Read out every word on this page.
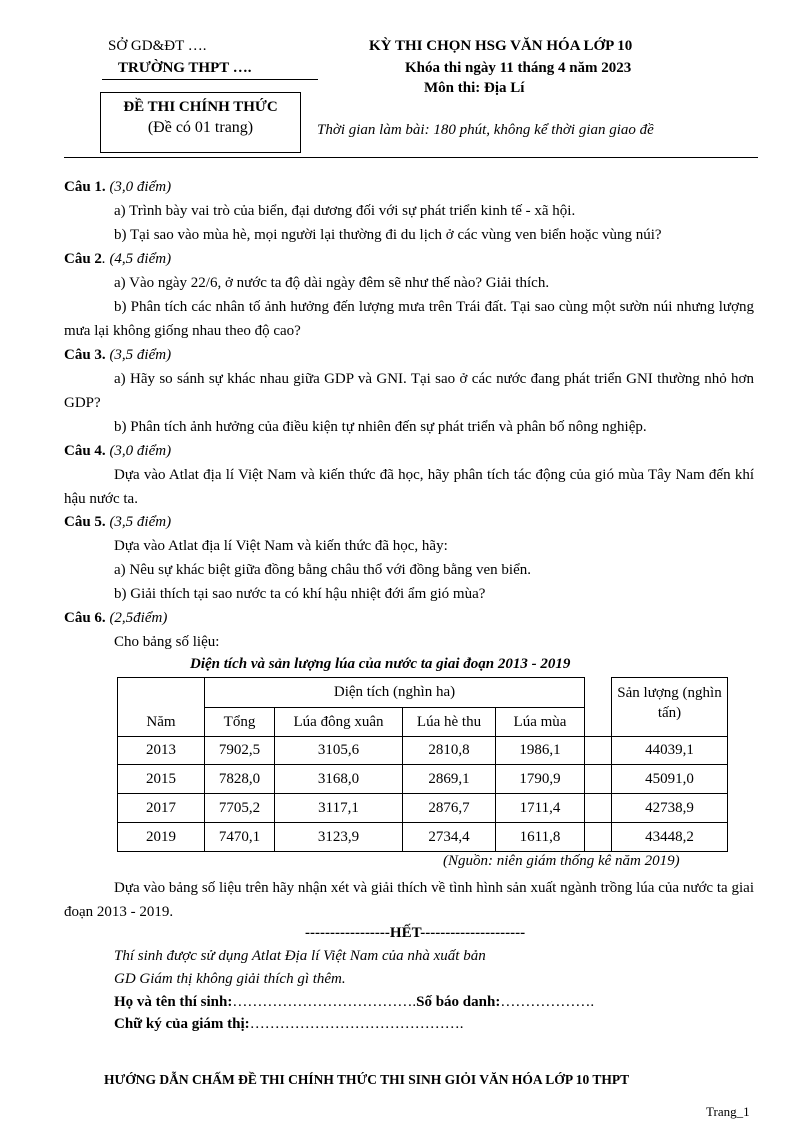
SỞ GD&ĐT ….
TRƯỜNG THPT ….
KỲ THI CHỌN HSG VĂN HÓA LỚP 10
Khóa thi ngày 11 tháng 4 năm 2023
Môn thi: Địa Lí
ĐỀ THI CHÍNH THỨC
(Đề có 01 trang)	Thời gian làm bài: 180 phút, không kể thời gian giao đề
Câu 1. (3,0 điểm)
a) Trình bày vai trò của biển, đại dương đối với sự phát triển kinh tế - xã hội.
b) Tại sao vào mùa hè, mọi người lại thường đi du lịch ở các vùng ven biển hoặc vùng núi?
Câu 2. (4,5 điểm)
a) Vào ngày 22/6, ở nước ta độ dài ngày đêm sẽ như thế nào? Giải thích.
b) Phân tích các nhân tố ảnh hưởng đến lượng mưa trên Trái đất. Tại sao cùng một sườn núi nhưng lượng mưa lại không giống nhau theo độ cao?
Câu 3. (3,5 điểm)
a) Hãy so sánh sự khác nhau giữa GDP và GNI. Tại sao ở các nước đang phát triển GNI thường nhỏ hơn GDP?
b) Phân tích ảnh hưởng của điều kiện tự nhiên đến sự phát triển và phân bố nông nghiệp.
Câu 4. (3,0 điểm)
Dựa vào Atlat địa lí Việt Nam và kiến thức đã học, hãy phân tích tác động của gió mùa Tây Nam đến khí hậu nước ta.
Câu 5. (3,5 điểm)
Dựa vào Atlat địa lí Việt Nam và kiến thức đã học, hãy:
a) Nêu sự khác biệt giữa đồng bằng châu thổ với đồng bằng ven biển.
b) Giải thích tại sao nước ta có khí hậu nhiệt đới ẩm gió mùa?
Câu 6. (2,5điểm)
Cho bảng số liệu:
Diện tích và sản lượng lúa của nước ta giai đoạn 2013 - 2019
Năm	Diện tích (nghìn ha)					Sản lượng (nghìn tấn)
	Tổng	Lúa đông xuân	Lúa hè thu	Lúa mùa		
2013	7902,5	3105,6	2810,8	1986,1		44039,1
2015	7828,0	3168,0	2869,1	1790,9		45091,0
2017	7705,2	3117,1	2876,7	1711,4		42738,9
2019	7470,1	3123,9	2734,4	1611,8		43448,2
(Nguồn: niên giám thống kê năm 2019)
Dựa vào bảng số liệu trên hãy nhận xét và giải thích về tình hình sản xuất ngành trồng lúa của nước ta giai đoạn 2013 - 2019.
-----------------HẾT---------------------
Thí sinh được sử dụng Atlat Địa lí Việt Nam của nhà xuất bản
GD Giám thị không giải thích gì thêm.
Họ và tên thí sinh:……………………………….Số báo danh:……………….
Chữ ký của giám thị:…………………………………….
HƯỚNG DẪN CHẤM ĐỀ THI CHÍNH THỨC THI SINH GIỎI VĂN HÓA LỚP 10 THPT
Trang_1
